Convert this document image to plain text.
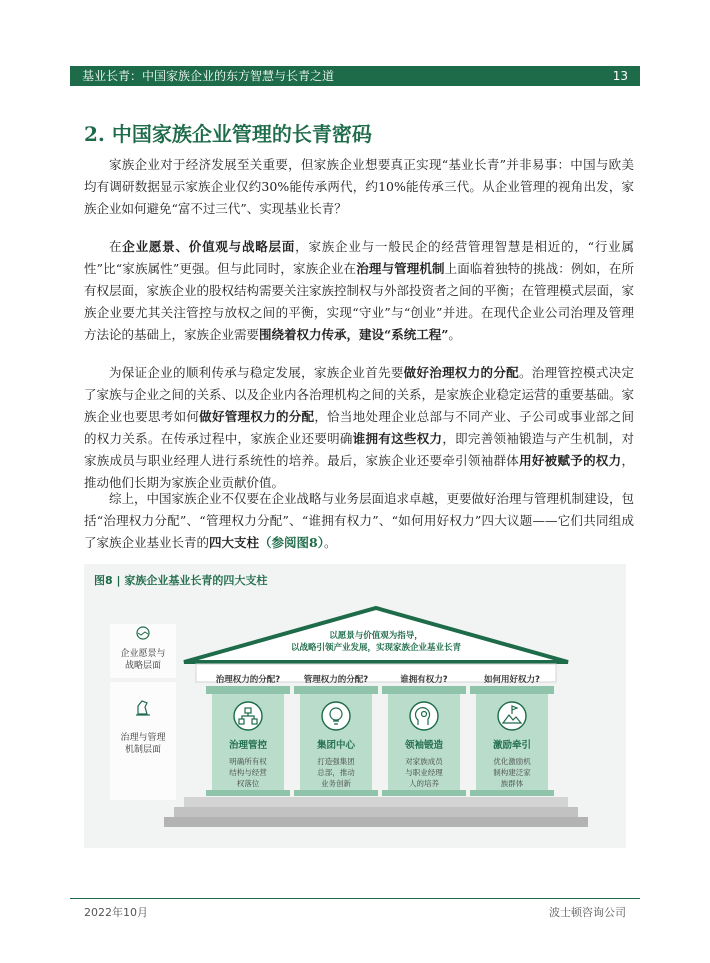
基业长青：中国家族企业的东方智慧与长青之道	13
2. 中国家族企业管理的长青密码

家族企业对于经济发展至关重要，但家族企业想要真正实现“基业长青”并非易事：中国与欧美均有调研数据显示家族企业仅约30%能传承两代，约10%能传承三代。从企业管理的视角出发，家族企业如何避免“富不过三代”、实现基业长青？

在企业愿景、价值观与战略层面，家族企业与一般民企的经营管理智慧是相近的，“行业属性”比“家族属性”更强。但与此同时，家族企业在治理与管理机制上面临着独特的挑战：例如，在所有权层面，家族企业的股权结构需要关注家族控制权与外部投资者之间的平衡；在管理模式层面，家族企业要尤其关注管控与放权之间的平衡，实现“守业”与“创业”并进。在现代企业公司治理及管理方法论的基础上，家族企业需要围绕着权力传承，建设“系统工程”。

为保证企业的顺利传承与稳定发展，家族企业首先要做好治理权力的分配。治理管控模式决定了家族与企业之间的关系、以及企业内各治理机构之间的关系，是家族企业稳定运营的重要基础。家族企业也要思考如何做好管理权力的分配，恰当地处理企业总部与不同产业、子公司或事业部之间的权力关系。在传承过程中，家族企业还要明确谁拥有这些权力，即完善领袖锻造与产生机制，对家族成员与职业经理人进行系统性的培养。最后，家族企业还要牵引领袖群体用好被赋予的权力，推动他们长期为家族企业贡献价值。

综上，中国家族企业不仅要在企业战略与业务层面追求卓越，更要做好治理与管理机制建设，包括“治理权力分配”、“管理权力分配”、“谁拥有权力”、“如何用好权力”四大议题——它们共同组成了家族企业基业长青的四大支柱（参阅图8）。

企业愿景与
战略层面
治理与管理
机制层面
以愿景与价值观为指导，
以战略引领产业发展，实现家族企业基业长青
治理权力的分配?
治理管控
明确所有权
结构与经营
权落位
管理权力的分配?
集团中心
打造强集团
总部，推动
业务创新
谁拥有权力?
领袖锻造
对家族成员
与职业经理
人的培养
如何用好权力?
激励牵引
优化激励机
制构建泛家
族群体
图8 | 家族企业基业长青的四大支柱
2022年10月	波士顿咨询公司
